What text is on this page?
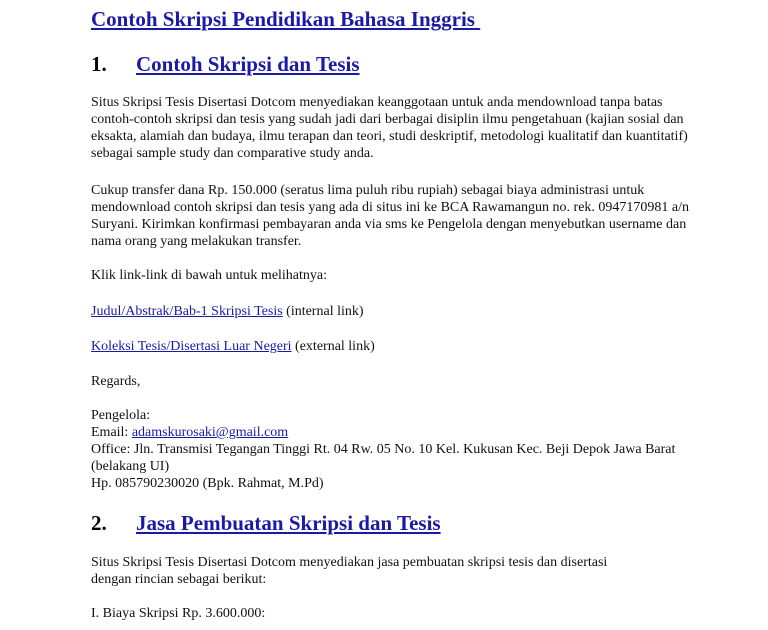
Contoh Skripsi Pendidikan Bahasa Inggris
1. Contoh Skripsi dan Tesis
Situs Skripsi Tesis Disertasi Dotcom menyediakan keanggotaan untuk anda mendownload tanpa batas contoh-contoh skripsi dan tesis yang sudah jadi dari berbagai disiplin ilmu pengetahuan (kajian sosial dan eksakta, alamiah dan budaya, ilmu terapan dan teori, studi deskriptif, metodologi kualitatif dan kuantitatif) sebagai sample study dan comparative study anda.
Cukup transfer dana Rp. 150.000 (seratus lima puluh ribu rupiah) sebagai biaya administrasi untuk mendownload contoh skripsi dan tesis yang ada di situs ini ke BCA Rawamangun no. rek. 0947170981 a/n Suryani. Kirimkan konfirmasi pembayaran anda via sms ke Pengelola dengan menyebutkan username dan nama orang yang melakukan transfer.
Klik link-link di bawah untuk melihatnya:
Judul/Abstrak/Bab-1 Skripsi Tesis (internal link)
Koleksi Tesis/Disertasi Luar Negeri (external link)
Regards,
Pengelola:
Email: adamskurosaki@gmail.com
Office: Jln. Transmisi Tegangan Tinggi Rt. 04 Rw. 05 No. 10 Kel. Kukusan Kec. Beji Depok Jawa Barat (belakang UI)
Hp. 085790230020 (Bpk. Rahmat, M.Pd)
2. Jasa Pembuatan Skripsi dan Tesis
Situs Skripsi Tesis Disertasi Dotcom menyediakan jasa pembuatan skripsi tesis dan disertasi dengan rincian sebagai berikut:
I. Biaya Skripsi Rp. 3.600.000:
